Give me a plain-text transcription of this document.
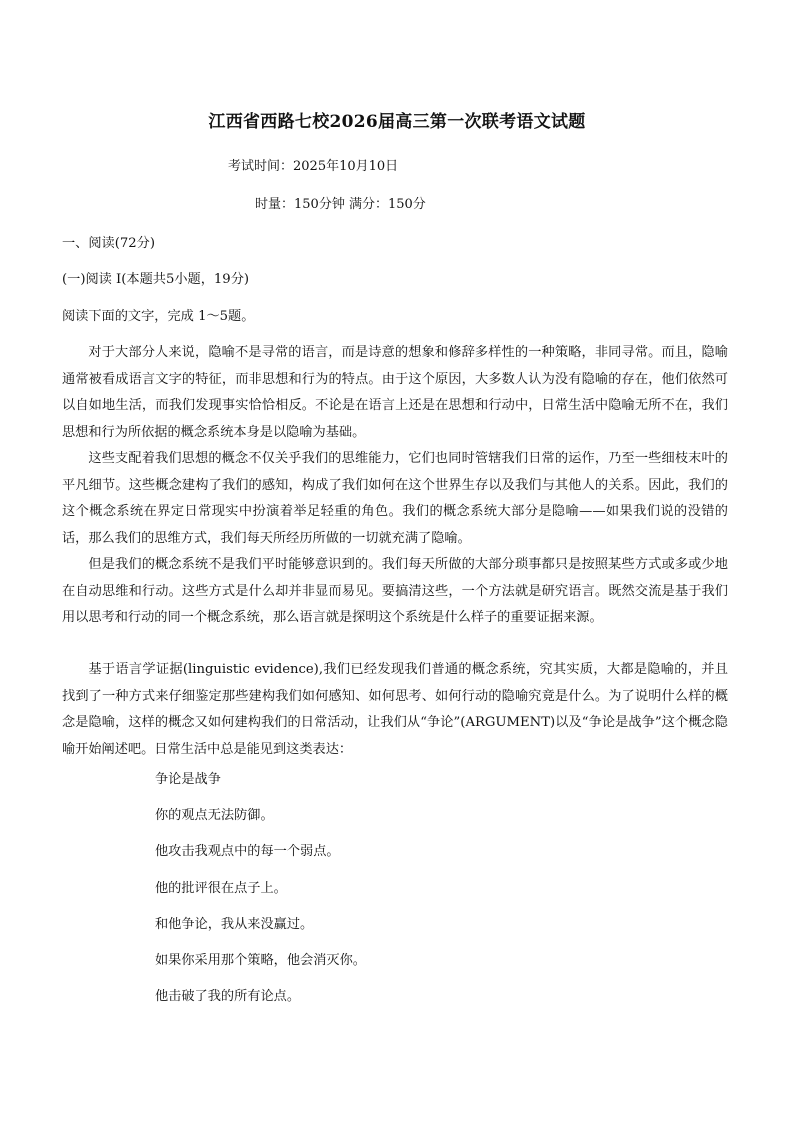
江西省西路七校2026届高三第一次联考语文试题
考试时间：2025年10月10日
时量：150分钟 满分：150分
一、阅读(72分)
(一)阅读 I(本题共5小题，19分)
阅读下面的文字，完成 1～5题。

对于大部分人来说，隐喻不是寻常的语言，而是诗意的想象和修辞多样性的一种策略，非同寻常。而且，隐喻通常被看成语言文字的特征，而非思想和行为的特点。由于这个原因，大多数人认为没有隐喻的存在，他们依然可以自如地生活，而我们发现事实恰恰相反。不论是在语言上还是在思想和行动中，日常生活中隐喻无所不在，我们思想和行为所依据的概念系统本身是以隐喻为基础。

这些支配着我们思想的概念不仅关乎我们的思维能力，它们也同时管辖我们日常的运作，乃至一些细枝末叶的平凡细节。这些概念建构了我们的感知，构成了我们如何在这个世界生存以及我们与其他人的关系。因此，我们的这个概念系统在界定日常现实中扮演着举足轻重的角色。我们的概念系统大部分是隐喻——如果我们说的没错的话，那么我们的思维方式，我们每天所经历所做的一切就充满了隐喻。

但是我们的概念系统不是我们平时能够意识到的。我们每天所做的大部分琐事都只是按照某些方式或多或少地在自动思维和行动。这些方式是什么却并非显而易见。要搞清这些，一个方法就是研究语言。既然交流是基于我们用以思考和行动的同一个概念系统，那么语言就是探明这个系统是什么样子的重要证据来源。

基于语言学证据(linguistic evidence),我们已经发现我们普通的概念系统，究其实质，大都是隐喻的，并且找到了一种方式来仔细鉴定那些建构我们如何感知、如何思考、如何行动的隐喻究竟是什么。为了说明什么样的概念是隐喻，这样的概念又如何建构我们的日常活动，让我们从“争论”(ARGUMENT)以及“争论是战争”这个概念隐喻开始阐述吧。日常生活中总是能见到这类表达：

争论是战争
你的观点无法防御。
他攻击我观点中的每一个弱点。
他的批评很在点子上。
和他争论，我从来没赢过。
如果你采用那个策略，他会消灭你。
他击破了我的所有论点。
